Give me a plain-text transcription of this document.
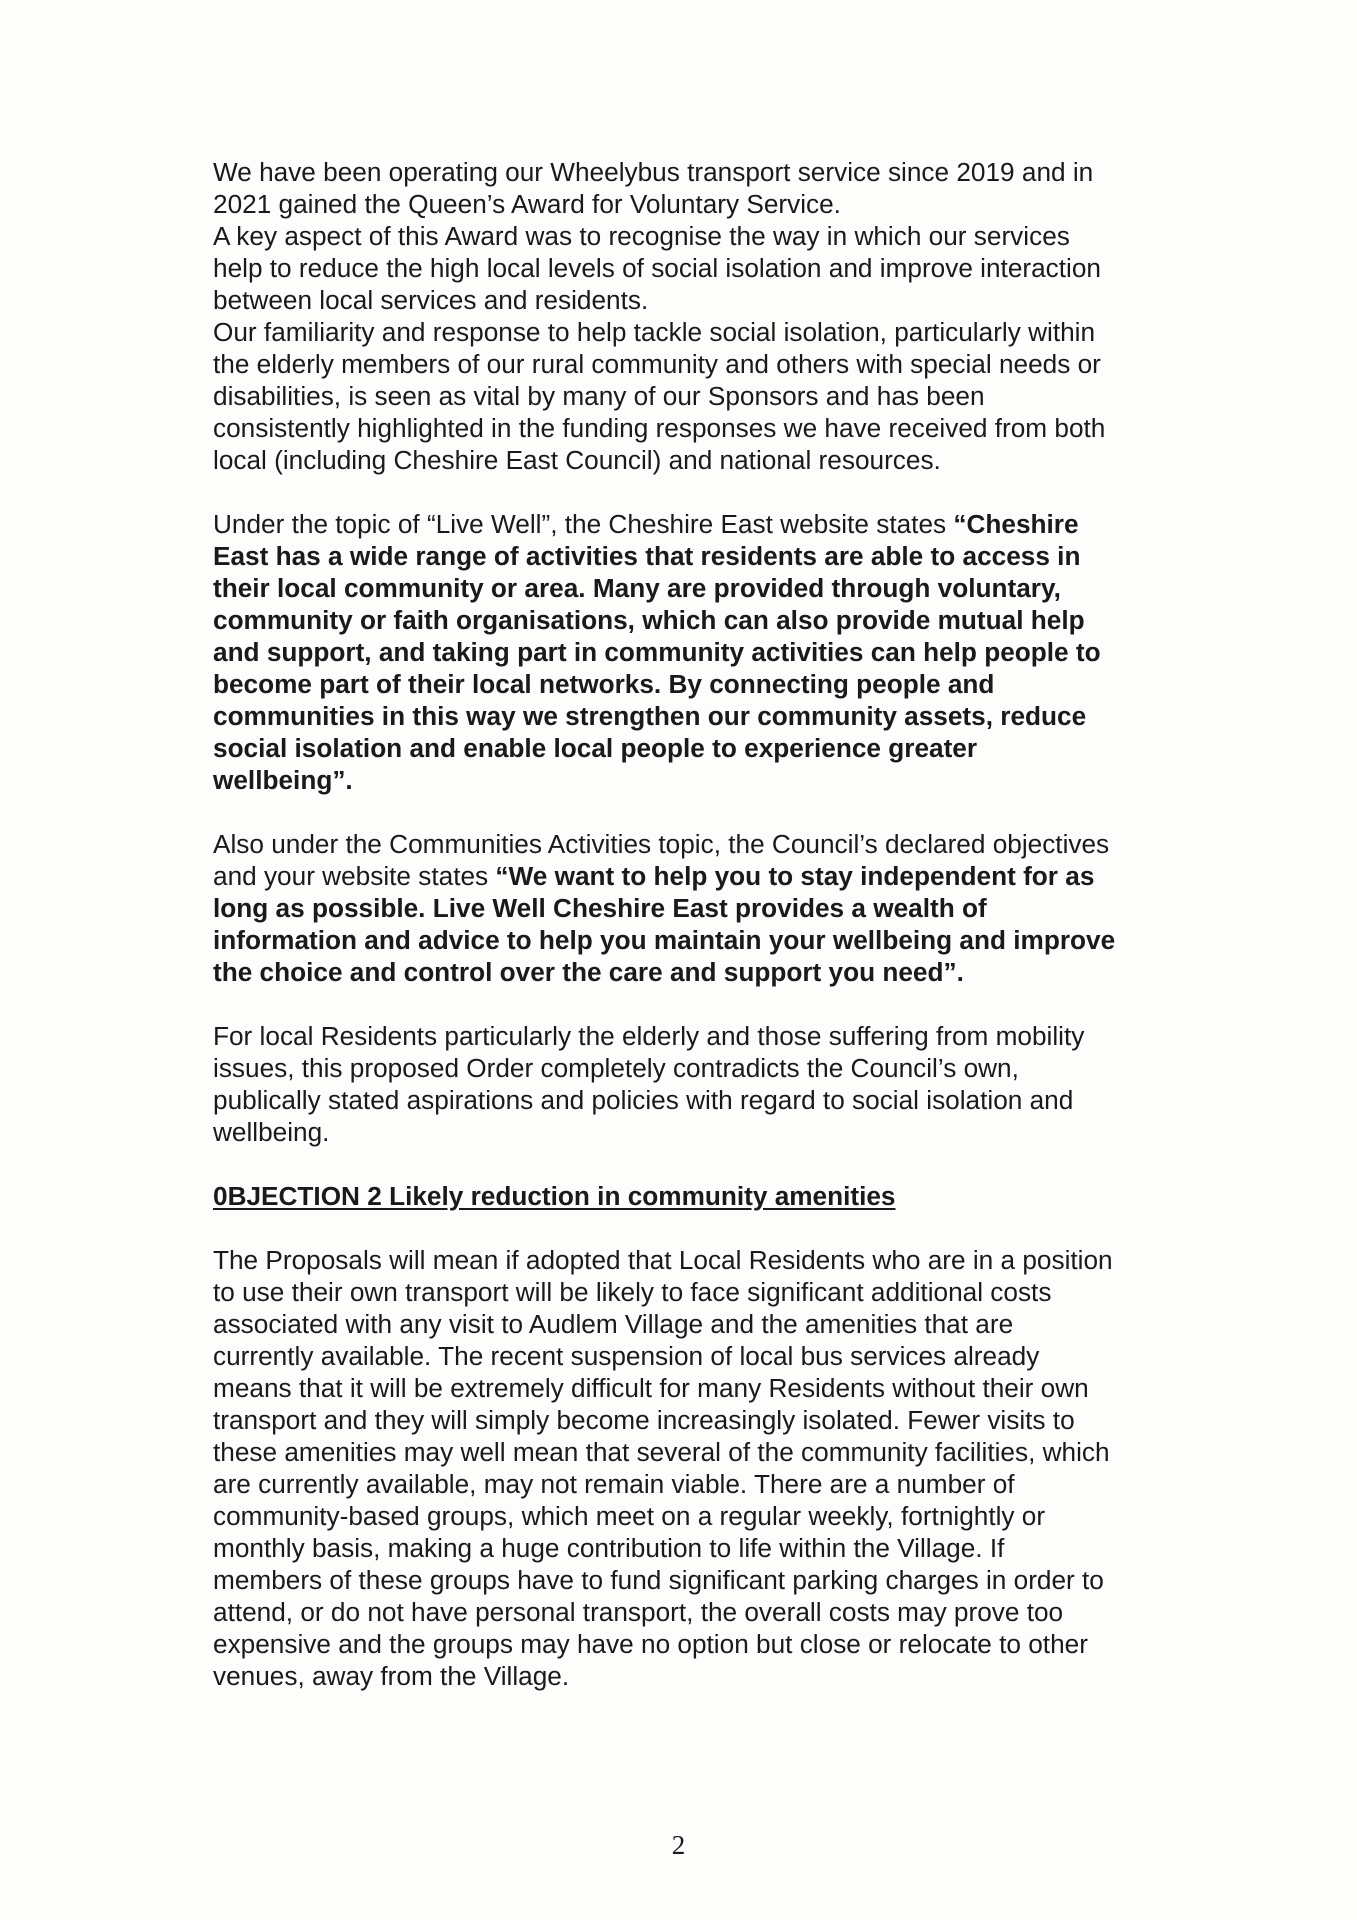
We have been operating our Wheelybus transport service since 2019 and in
2021 gained the Queen’s Award for Voluntary Service.
A key aspect of this Award was to recognise the way in which our services
help to reduce the high local levels of social isolation and improve interaction
between local services and residents.
Our familiarity and response to help tackle social isolation, particularly within
the elderly members of our rural community and others with special needs or
disabilities, is seen as vital by many of our Sponsors and has been
consistently highlighted in the funding responses we have received from both
local (including Cheshire East Council) and national resources.

Under the topic of “Live Well”, the Cheshire East website states “Cheshire
East has a wide range of activities that residents are able to access in
their local community or area. Many are provided through voluntary,
community or faith organisations, which can also provide mutual help
and support, and taking part in community activities can help people to
become part of their local networks. By connecting people and
communities in this way we strengthen our community assets, reduce
social isolation and enable local people to experience greater
wellbeing”.

Also under the Communities Activities topic, the Council’s declared objectives
and your website states “We want to help you to stay independent for as
long as possible. Live Well Cheshire East provides a wealth of
information and advice to help you maintain your wellbeing and improve
the choice and control over the care and support you need”.

For local Residents particularly the elderly and those suffering from mobility
issues, this proposed Order completely contradicts the Council’s own,
publically stated aspirations and policies with regard to social isolation and
wellbeing.

0BJECTION 2 Likely reduction in community amenities

The Proposals will mean if adopted that Local Residents who are in a position
to use their own transport will be likely to face significant additional costs
associated with any visit to Audlem Village and the amenities that are
currently available. The recent suspension of local bus services already
means that it will be extremely difficult for many Residents without their own
transport and they will simply become increasingly isolated. Fewer visits to
these amenities may well mean that several of the community facilities, which
are currently available, may not remain viable. There are a number of
community-based groups, which meet on a regular weekly, fortnightly or
monthly basis, making a huge contribution to life within the Village. If
members of these groups have to fund significant parking charges in order to
attend, or do not have personal transport, the overall costs may prove too
expensive and the groups may have no option but close or relocate to other
venues, away from the Village.

2
